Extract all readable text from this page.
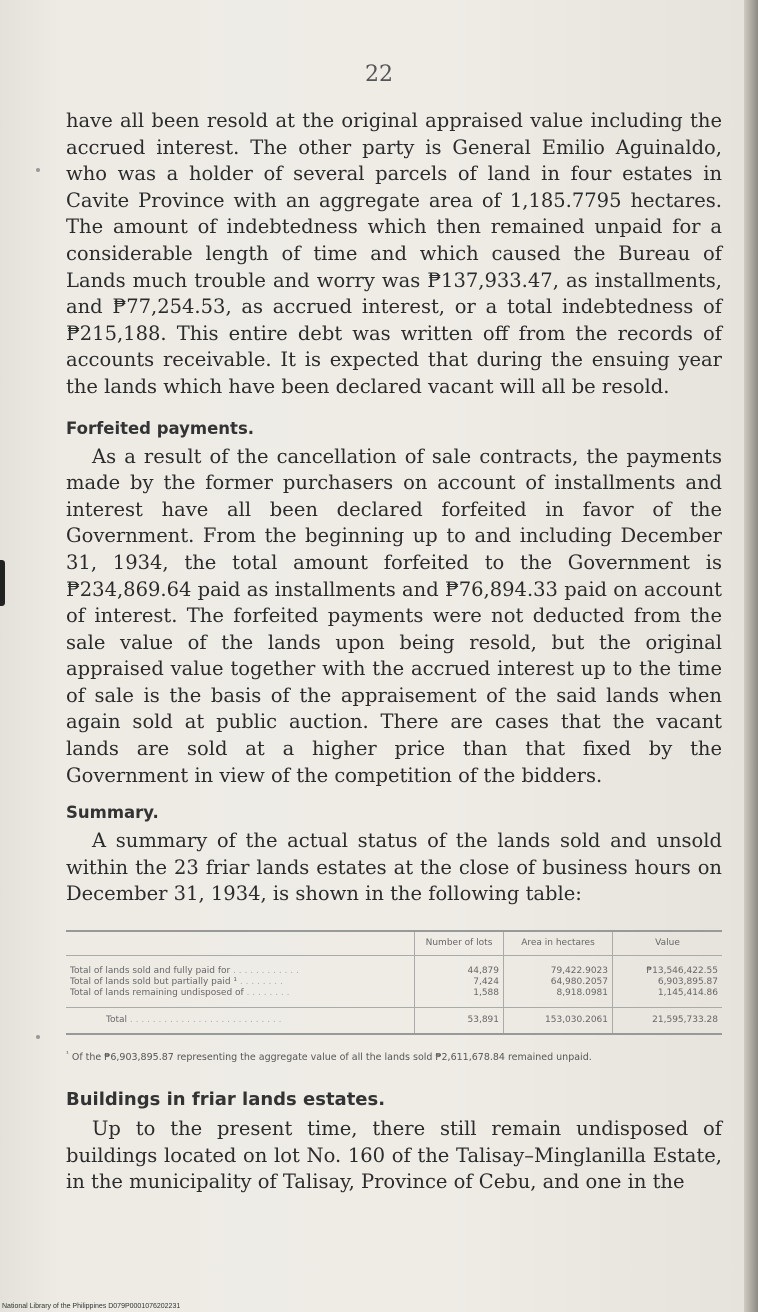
22

have all been resold at the original appraised value including the accrued interest. The other party is General Emilio Aguinaldo, who was a holder of several parcels of land in four estates in Cavite Province with an aggregate area of 1,185.7795 hectares. The amount of indebtedness which then remained unpaid for a considerable length of time and which caused the Bureau of Lands much trouble and worry was ₱137,933.47, as installments, and ₱77,254.53, as accrued interest, or a total indebtedness of ₱215,188. This entire debt was written off from the records of accounts receivable. It is expected that during the ensuing year the lands which have been declared vacant will all be resold.

Forfeited payments.

As a result of the cancellation of sale contracts, the payments made by the former purchasers on account of installments and interest have all been declared forfeited in favor of the Government. From the beginning up to and including December 31, 1934, the total amount forfeited to the Government is ₱234,869.64 paid as installments and ₱76,894.33 paid on account of interest. The forfeited payments were not deducted from the sale value of the lands upon being resold, but the original appraised value together with the accrued interest up to the time of sale is the basis of the appraisement of the said lands when again sold at public auction. There are cases that the vacant lands are sold at a higher price than that fixed by the Government in view of the competition of the bidders.

Summary.

A summary of the actual status of the lands sold and unsold within the 23 friar lands estates at the close of business hours on December 31, 1934, is shown in the following table:

	Number of lots	Area in hectares	Value
Total of lands sold and fully paid for . . . . . . . . . . . .	44,879	79,422.9023	₱13,546,422.55
Total of lands sold but partially paid ¹ . . . . . . . .	7,424	64,980.2057	6,903,895.87
Total of lands remaining undisposed of . . . . . . . .	1,588	8,918.0981	1,145,414.86
Total . . . . . . . . . . . . . . . . . . . . . . . . . . .	53,891	153,030.2061	21,595,733.28

$^{^1}$ Of the ₱6,903,895.87 representing the aggregate value of all the lands sold ₱2,611,678.84 remained unpaid.
Buildings in friar lands estates.

Up to the present time, there still remain undisposed of buildings located on lot No. 160 of the Talisay–Minglanilla Estate, in the municipality of Talisay, Province of Cebu, and one in the

National Library of the Philippines D079P0001076202231
